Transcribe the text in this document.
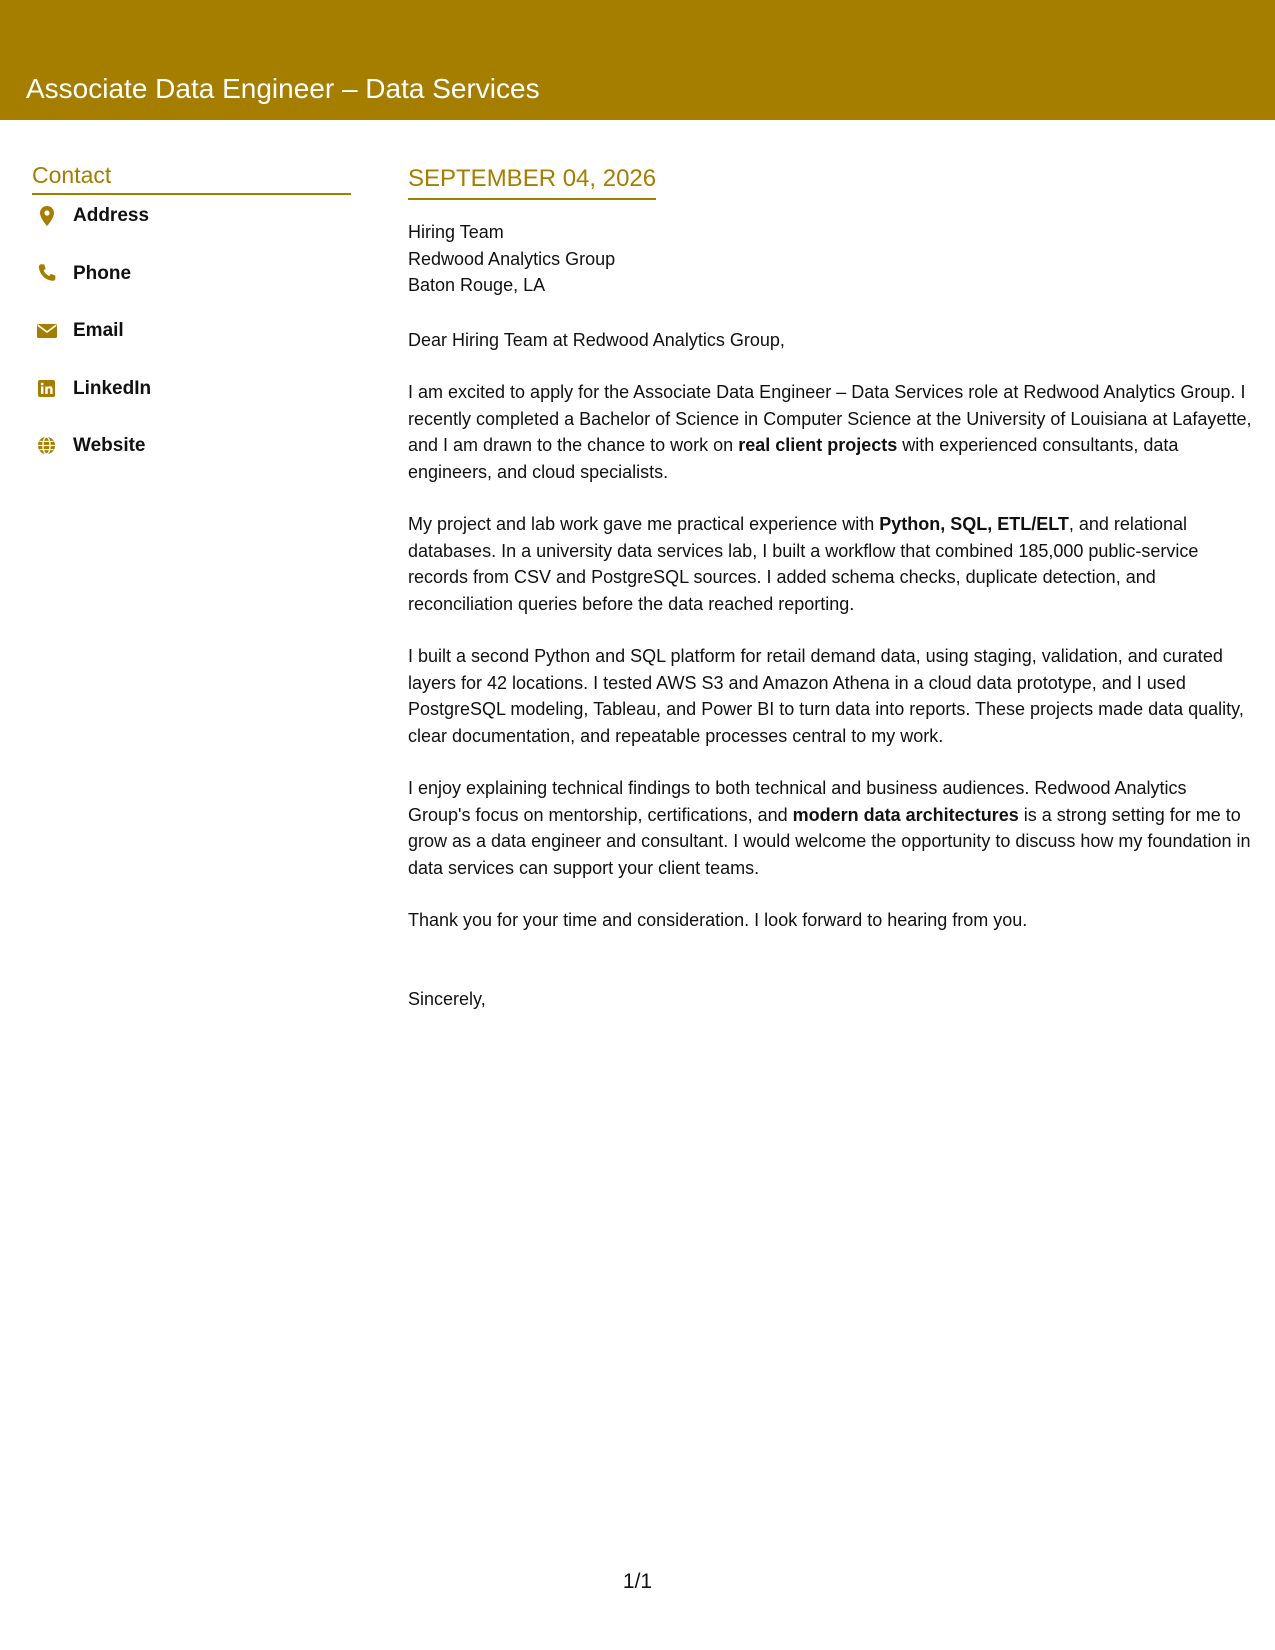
Associate Data Engineer – Data Services
Contact
Address
Phone
Email
LinkedIn
Website
SEPTEMBER 04, 2026
Hiring Team
Redwood Analytics Group
Baton Rouge, LA
Dear Hiring Team at Redwood Analytics Group,
I am excited to apply for the Associate Data Engineer – Data Services role at Redwood Analytics Group. I recently completed a Bachelor of Science in Computer Science at the University of Louisiana at Lafayette, and I am drawn to the chance to work on real client projects with experienced consultants, data engineers, and cloud specialists.
My project and lab work gave me practical experience with Python, SQL, ETL/ELT, and relational databases. In a university data services lab, I built a workflow that combined 185,000 public-service records from CSV and PostgreSQL sources. I added schema checks, duplicate detection, and reconciliation queries before the data reached reporting.
I built a second Python and SQL platform for retail demand data, using staging, validation, and curated layers for 42 locations. I tested AWS S3 and Amazon Athena in a cloud data prototype, and I used PostgreSQL modeling, Tableau, and Power BI to turn data into reports. These projects made data quality, clear documentation, and repeatable processes central to my work.
I enjoy explaining technical findings to both technical and business audiences. Redwood Analytics Group's focus on mentorship, certifications, and modern data architectures is a strong setting for me to grow as a data engineer and consultant. I would welcome the opportunity to discuss how my foundation in data services can support your client teams.
Thank you for your time and consideration. I look forward to hearing from you.
Sincerely,
1/1
